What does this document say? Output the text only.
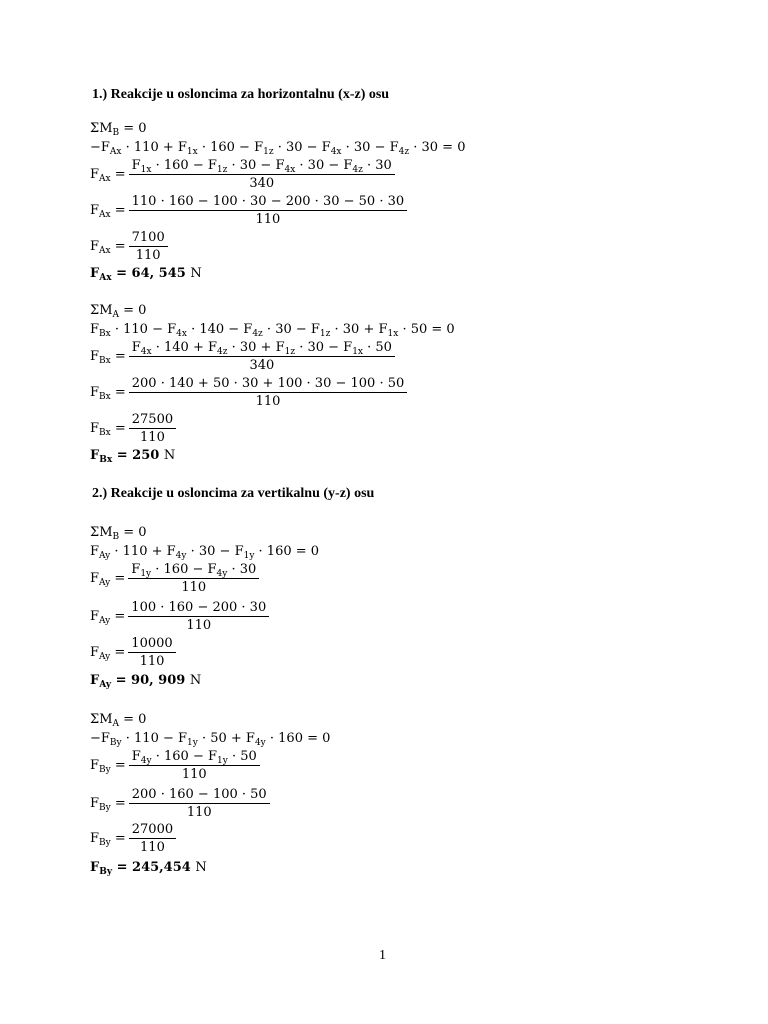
1.) Reakcije u osloncima za horizontalnu (x-z) osu
$\Sigma M_B = 0$
$-F_{Ax} \cdot 110 + F_{1x} \cdot 160 - F_{1z} \cdot 30 - F_{4x} \cdot 30 - F_{4z} \cdot 30 = 0$
$F_{Ax} = \frac{F_{1x} \cdot 160 - F_{1z} \cdot 30 - F_{4x} \cdot 30 - F_{4z} \cdot 30}{340}$
$F_{Ax} = \frac{110 \cdot 160 - 100 \cdot 30 - 200 \cdot 30 - 50 \cdot 30}{110}$
$F_{Ax} = \frac{7100}{110}$
$F_{Ax} = 64$, 545 N
$\Sigma M_A = 0$
$F_{Bx} \cdot 110 - F_{4x} \cdot 140 - F_{4z} \cdot 30 - F_{1z} \cdot 30 + F_{1x} \cdot 50 = 0$
$F_{Bx} = \frac{F_{4x} \cdot 140 + F_{4z} \cdot 30 + F_{1z} \cdot 30 - F_{1x} \cdot 50}{340}$
$F_{Bx} = \frac{200 \cdot 140 + 50 \cdot 30 + 100 \cdot 30 - 100 \cdot 50}{110}$
$F_{Bx} = \frac{27500}{110}$
$F_{Bx} = 250$ N
2.) Reakcije u osloncima za vertikalnu (y-z) osu
$\Sigma M_B = 0$
$F_{Ay} \cdot 110 + F_{4y} \cdot 30 - F_{1y} \cdot 160 = 0$
$F_{Ay} = \frac{F_{1y} \cdot 160 - F_{4y} \cdot 30}{110}$
$F_{Ay} = \frac{100 \cdot 160 - 200 \cdot 30}{110}$
$F_{Ay} = \frac{10000}{110}$
$F_{Ay} = 90$, 909 N
$\Sigma M_A = 0$
$-F_{By} \cdot 110 - F_{1y} \cdot 50 + F_{4y} \cdot 160 = 0$
$F_{By} = \frac{F_{4y} \cdot 160 - F_{1y} \cdot 50}{110}$
$F_{By} = \frac{200 \cdot 160 - 100 \cdot 50}{110}$
$F_{By} = \frac{27000}{110}$
$F_{By} = 245,454$ N
1
